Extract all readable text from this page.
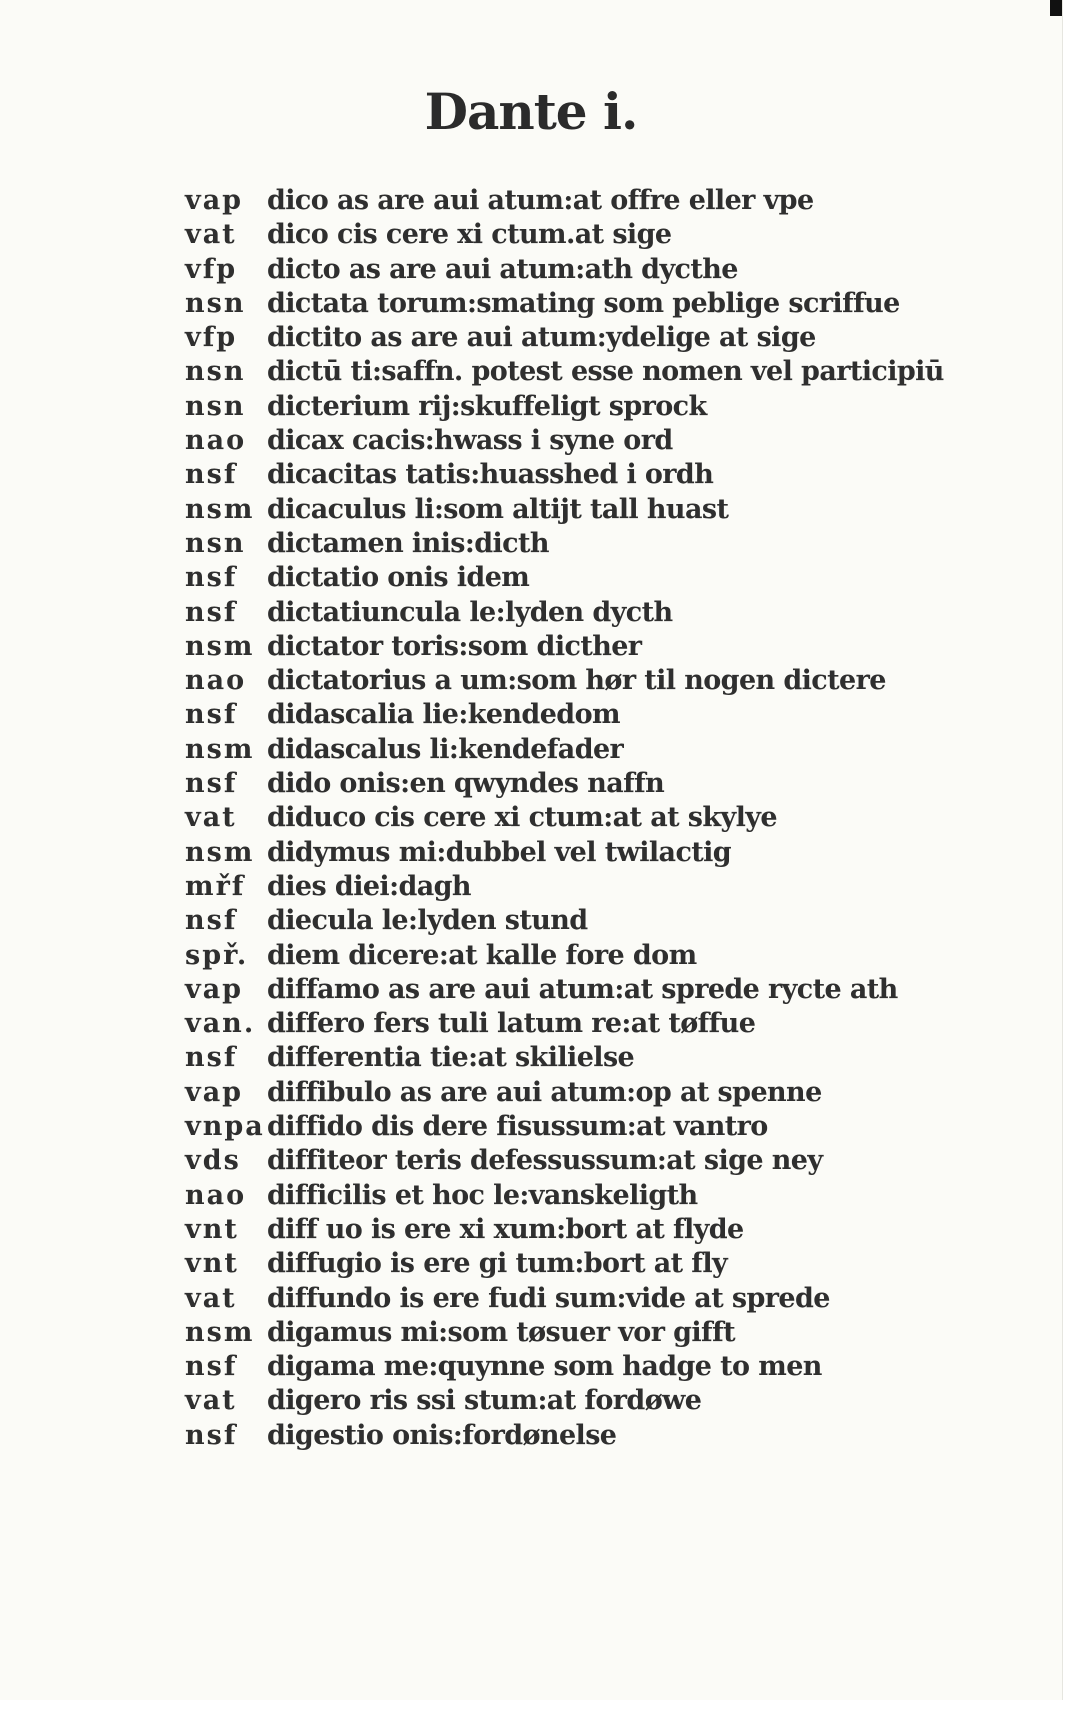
Dante i.
vap dico as are aui atum:at offre eller vpe
vat	dico cis cere xi ctum.at sige
vfp	dicto as are aui atum:ath dycthe
nsn dictata torum:smating som peblige scriffue
vfp	dictito as are aui atum:ydelige at sige
nsn dictū ti:saffn. potest esse nomen vel participiū
nsn dicterium rij:skuffeligt sprock
nao dicax cacis:hwass i syne ord
nsf	dicacitas tatis:huasshed i ordh
nsm dicaculus li:som altijt tall huast
nsn dictamen inis:dicth
nsf	dictatio onis idem
nsf	dictatiuncula le:lyden dycth
nsm dictator toris:som dicther
nao dictatorius a um:som hør til nogen dictere
nsf	didascalia lie:kendedom
nsm didascalus li:kendefader
nsf	dido onis:en qwyndes naffn
vat	diduco cis cere xi ctum:at at skylye
nsm didymus mi:dubbel vel twilactig
mřf dies diei:dagh
nsf	diecula le:lyden stund
spř. diem dicere:at kalle fore dom
vap diffamo as are aui atum:at sprede rycte ath
van. differo fers tuli latum re:at tøffue
nsf	differentia tie:at skilielse
vap diffibulo as are aui atum:op at spenne
vnpa diffido dis dere fisussum:at vantro
vds diffiteor teris defessussum:at sige ney
nao difficilis et hoc le:vanskeligth
vnt	diff uo is ere xi xum:bort at flyde
vnt	diffugio is ere gi tum:bort at fly
vat	diffundo is ere fudi sum:vide at sprede
nsm digamus mi:som tøsuer vor gifft
nsf	digama me:quynne som hadge to men
vat	digero ris ssi stum:at fordøwe
nsf	digestio onis:fordønelse
